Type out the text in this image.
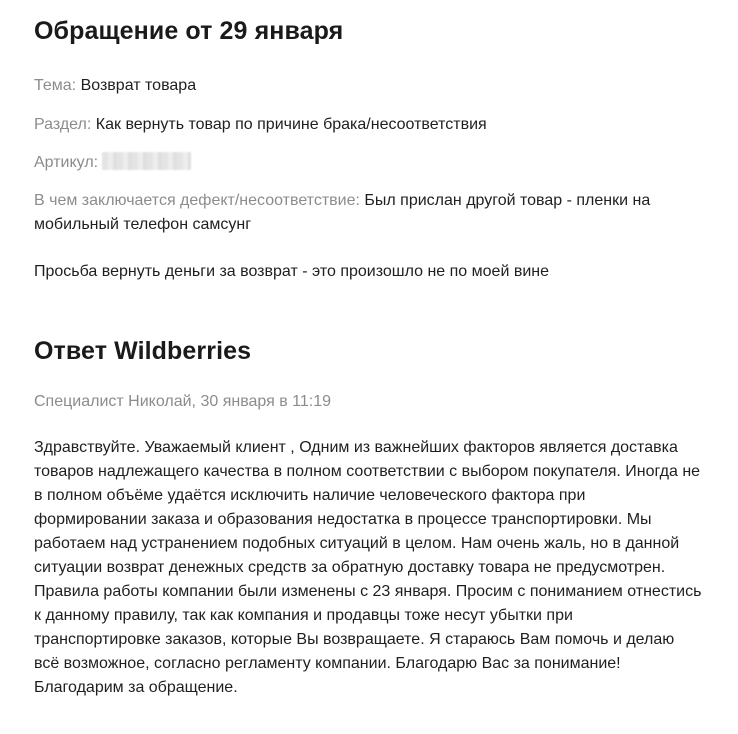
Обращение от 29 января
Тема: Возврат товара
Раздел: Как вернуть товар по причине брака/несоответствия
Артикул:
В чем заключается дефект/несоответствие: Был прислан другой товар - пленки на мобильный телефон самсунг
Просьба вернуть деньги за возврат - это произошло не по моей вине
Ответ Wildberries
Специалист Николай, 30 января в 11:19

Здравствуйте. Уважаемый клиент , Одним из важнейших факторов является доставка товаров надлежащего качества в полном соответствии с выбором покупателя. Иногда не в полном объёме удаётся исключить наличие человеческого фактора при формировании заказа и образования недостатка в процессе транспортировки. Мы работаем над устранением подобных ситуаций в целом. Нам очень жаль, но в данной ситуации возврат денежных средств за обратную доставку товара не предусмотрен. Правила работы компании были изменены с 23 января. Просим с пониманием отнестись к данному правилу, так как компания и продавцы тоже несут убытки при транспортировке заказов, которые Вы возвращаете. Я стараюсь Вам помочь и делаю всё возможное, согласно регламенту компании. Благодарю Вас за понимание! Благодарим за обращение.
